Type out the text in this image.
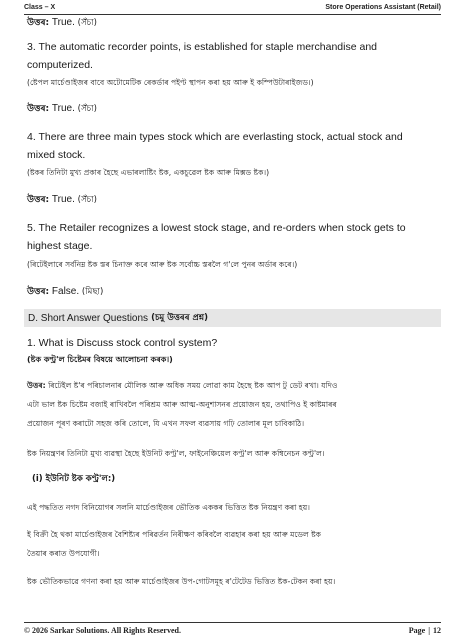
Class – X	Store Operations Assistant (Retail)
উত্তৰ: True. (সঁচা)

3. The automatic recorder points, is established for staple merchandise and

computerized.

(ষ্টেপল মাৰ্চেণ্ডাইজৰ বাবে অটোমেটিক ৰেকৰ্ডাৰ পইণ্ট স্থাপন কৰা হয় আৰু ই কম্পিউটাৰাইজড।)

উত্তৰ: True. (সঁচা)

4. There are three main types stock which are everlasting stock, actual stock and

mixed stock.

(ষ্টকৰ তিনিটা মুখ্য প্ৰকাৰ হৈছে এভাৰলাষ্টিং ষ্টক, একচুৱেল ষ্টক আৰু মিক্সড ষ্টক।)

উত্তৰ: True. (সঁচা)

5. The Retailer recognizes a lowest stock stage, and re-orders when stock gets to

highest stage.

(ৰিটেইলাৰে সৰ্বনিম্ন ষ্টক স্তৰ চিনাক্ত কৰে আৰু ষ্টক সৰ্বোচ্চ স্তৰলৈ গ'লে পুনৰ অৰ্ডাৰ কৰে।)

উত্তৰ: False. (মিছা)
D. Short Answer Questions (চমু উত্তৰৰ প্ৰশ্ন)

1. What is Discuss stock control system?

(ষ্টক কণ্ট্ৰ'ল চিষ্টেমৰ বিষয়ে আলোচনা কৰক।)

উত্তৰ: ৰিটেইল ষ্ট'ৰ পৰিচালনাৰ মৌলিক আৰু অধিক সময় লোৱা কাম হৈছে ষ্টক আপ টু ডেট ৰখা। যদিও

এটা ভাল ষ্টক চিষ্টেম বজাই ৰাখিবলৈ পৰিশ্ৰম আৰু আত্ম-অনুশাসনৰ প্ৰয়োজন হয়, তথাপিও ই কাষ্টমাৰৰ

প্ৰয়োজন পূৰণ কৰাটো সহজ কৰি তোলে, যি এখন সফল ব্যৱসায় গঢ়ি তোলাৰ মূল চাবিকাঠি।

ষ্টক নিয়ন্ত্ৰণৰ তিনিটা মুখ্য ব্যৱস্থা হৈছে ইউনিট কণ্ট্ৰ'ল, ফাইনেঞ্চিয়েল কণ্ট্ৰ'ল আৰু কম্বিনেচন কণ্ট্ৰ'ল।

(i) ইউনিট ষ্টক কণ্ট্ৰ'ল:)

এই পদ্ধতিত নগদ বিনিয়োগৰ সলনি মাৰ্চেণ্ডাইজৰ ভৌতিক এককৰ ভিত্তিত ষ্টক নিয়ন্ত্ৰণ কৰা হয়।

ই বিক্ৰী হৈ থকা মাৰ্চেণ্ডাইজৰ বৈশিষ্ট্যৰ পৰিৱৰ্তন নিৰীক্ষণ কৰিবলৈ ব্যৱহাৰ কৰা হয় আৰু মডেল ষ্টক

তৈয়াৰ কৰাত উপযোগী।

ষ্টক ভৌতিকভাৱে গণনা কৰা হয় আৰু মাৰ্চেণ্ডাইজৰ উপ-গোটসমূহ ৰ'টেটেড ভিত্তিত ষ্টক-টেকন কৰা হয়।

© 2026 Sarkar Solutions. All Rights Reserved.	Page | 12
